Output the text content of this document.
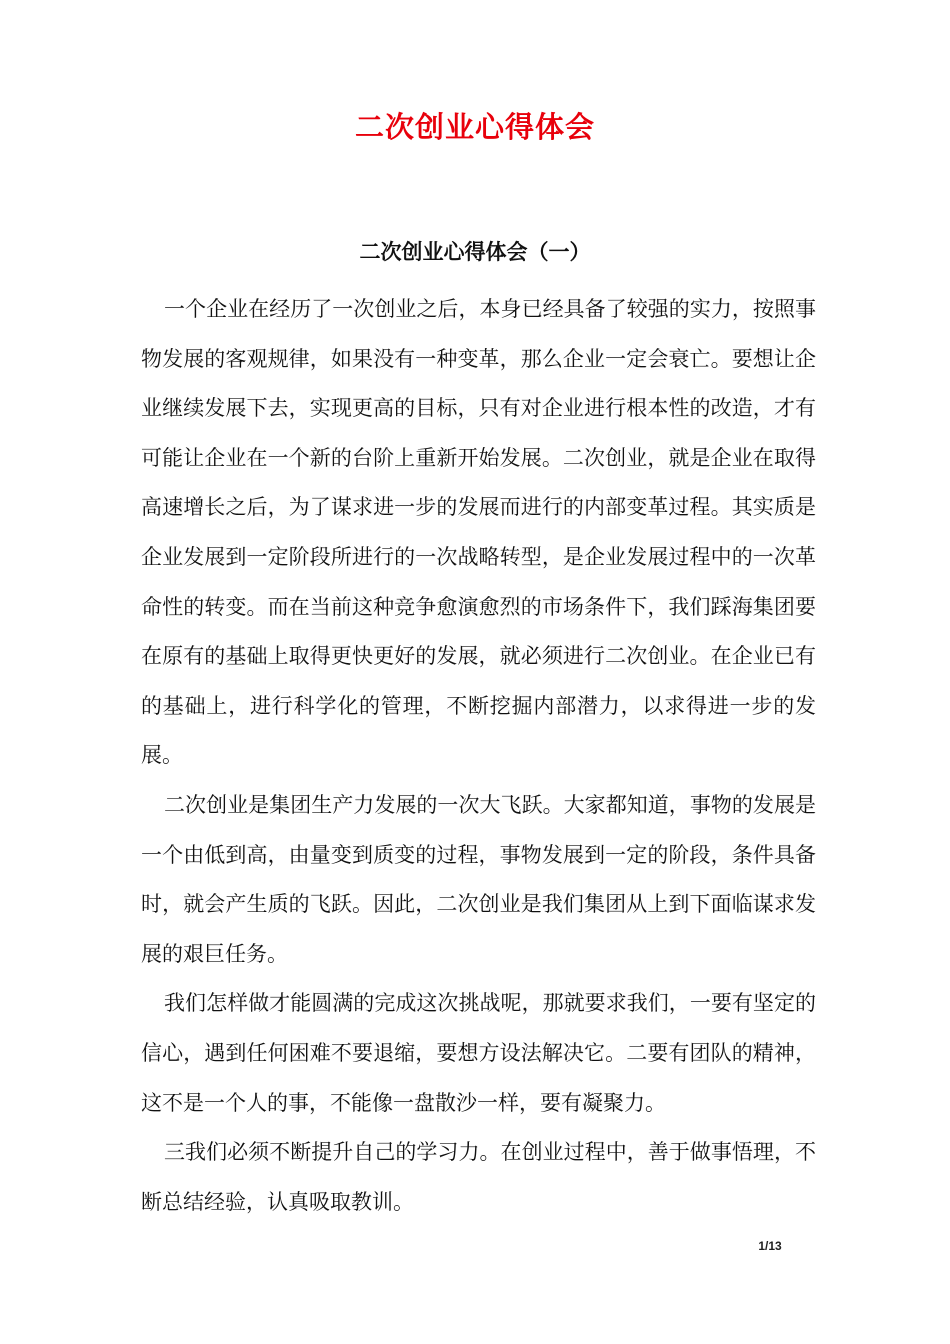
二次创业心得体会
二次创业心得体会（一）

一个企业在经历了一次创业之后，本身已经具备了较强的实力，按照事物发展的客观规律，如果没有一种变革，那么企业一定会衰亡。要想让企业继续发展下去，实现更高的目标，只有对企业进行根本性的改造，才有可能让企业在一个新的台阶上重新开始发展。二次创业，就是企业在取得高速增长之后，为了谋求进一步的发展而进行的内部变革过程。其实质是企业发展到一定阶段所进行的一次战略转型，是企业发展过程中的一次革命性的转变。而在当前这种竞争愈演愈烈的市场条件下，我们踩海集团要在原有的基础上取得更快更好的发展，就必须进行二次创业。在企业已有的基础上，进行科学化的管理，不断挖掘内部潜力，以求得进一步的发展。

二次创业是集团生产力发展的一次大飞跃。大家都知道，事物的发展是一个由低到高，由量变到质变的过程，事物发展到一定的阶段，条件具备时，就会产生质的飞跃。因此，二次创业是我们集团从上到下面临谋求发展的艰巨任务。

我们怎样做才能圆满的完成这次挑战呢，那就要求我们，一要有坚定的信心，遇到任何困难不要退缩，要想方设法解决它。二要有团队的精神，这不是一个人的事，不能像一盘散沙一样，要有凝聚力。

三我们必须不断提升自己的学习力。在创业过程中，善于做事悟理，不断总结经验，认真吸取教训。

1/13
